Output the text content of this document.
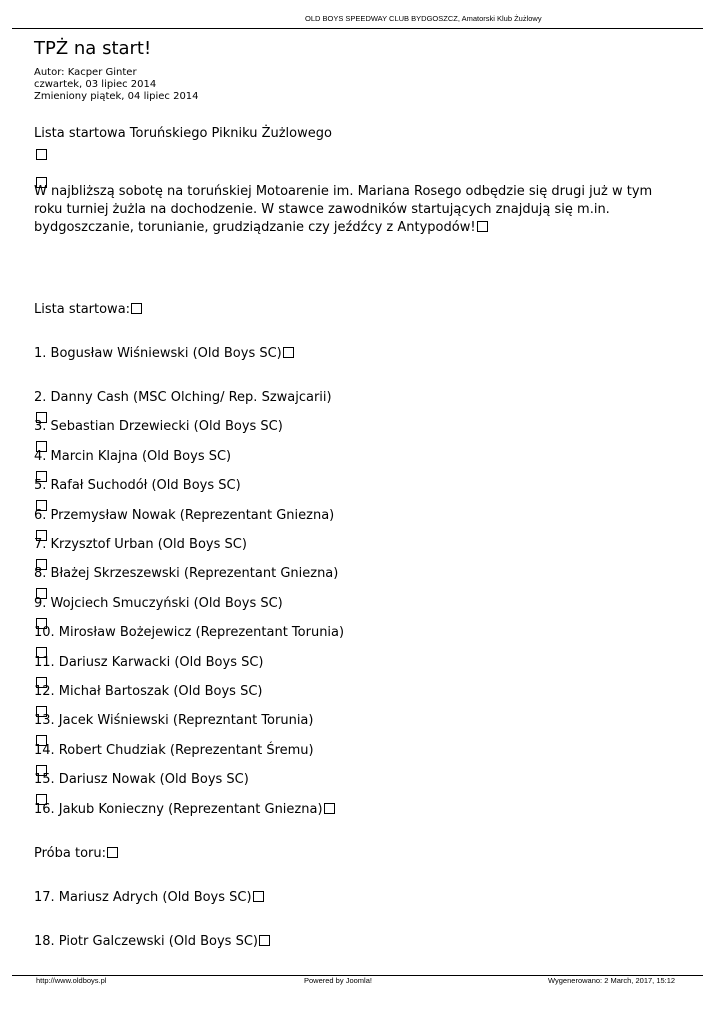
OLD BOYS SPEEDWAY CLUB BYDGOSZCZ, Amatorski Klub Żużlowy
TPŻ na start!
Autor: Kacper Ginter
czwartek, 03 lipiec 2014
Zmieniony piątek, 04 lipiec 2014
Lista startowa Toruńskiego Pikniku Żużlowego
W najbliższą sobotę na toruńskiej Motoarenie im. Mariana Rosego odbędzie się drugi już w tym roku turniej żużla na dochodzenie. W stawce zawodników startujących znajdują się m.in. bydgoszczanie, torunianie, grudziądzanie czy jeźdźcy z Antypodów!
Lista startowa:
1. Bogusław Wiśniewski (Old Boys SC)
2. Danny Cash (MSC Olching/ Rep. Szwajcarii)
3. Sebastian Drzewiecki (Old Boys SC)
4. Marcin Klajna (Old Boys SC)
5. Rafał Suchodół (Old Boys SC)
6. Przemysław Nowak (Reprezentant Gniezna)
7. Krzysztof Urban (Old Boys SC)
8. Błażej Skrzeszewski (Reprezentant Gniezna)
9. Wojciech Smuczyński (Old Boys SC)
10. Mirosław Bożejewicz (Reprezentant Torunia)
11. Dariusz Karwacki (Old Boys SC)
12. Michał Bartoszak (Old Boys SC)
13. Jacek Wiśniewski (Reprezntant Torunia)
14. Robert Chudziak (Reprezentant Śremu)
15. Dariusz Nowak (Old Boys SC)
16. Jakub Konieczny (Reprezentant Gniezna)
Próba toru:
17. Mariusz Adrych (Old Boys SC)
18. Piotr Galczewski (Old Boys SC)
http://www.oldboys.pl	Powered by Joomla!	Wygenerowano: 2 March, 2017, 15:12
